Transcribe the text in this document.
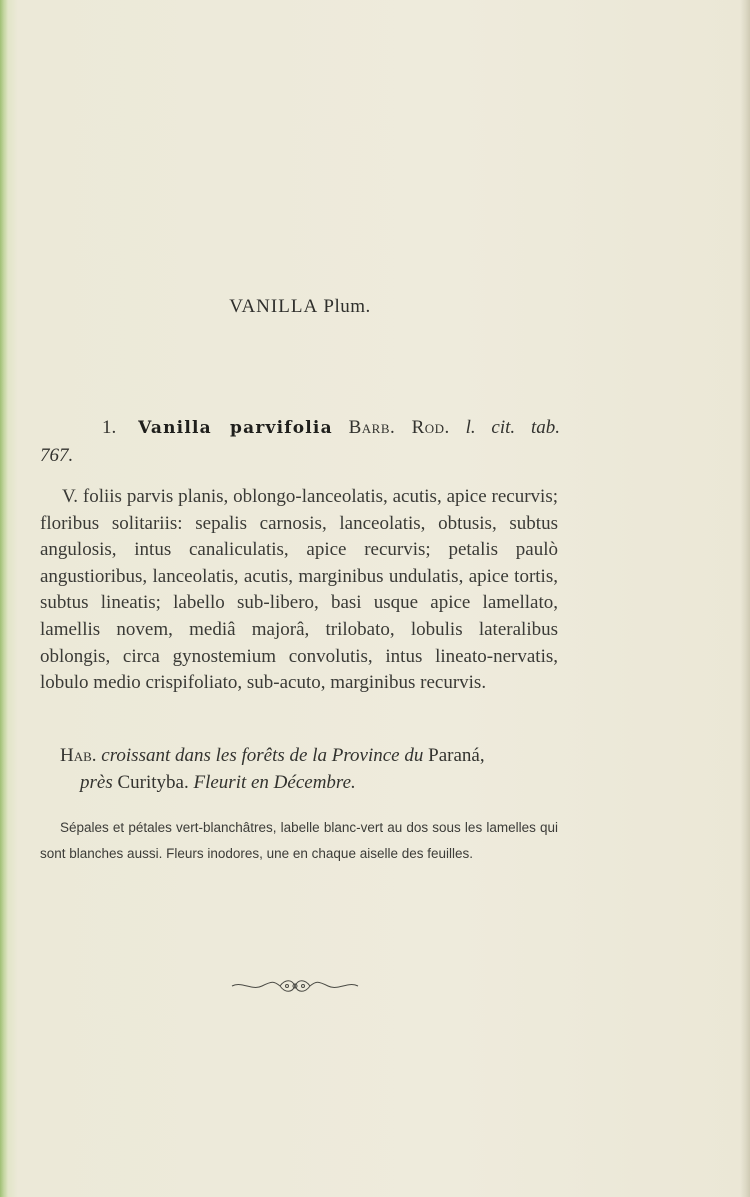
VANILLA Plum.
1. Vanilla parvifolia Barb. Rod. l. cit. tab.
767.

V. foliis parvis planis, oblongo-lanceolatis, acutis, apice recurvis; floribus solitariis: sepalis carnosis, lanceolatis, obtusis, subtus angulosis, intus canaliculatis, apice recurvis; petalis paulò angustioribus, lanceolatis, acutis, marginibus undulatis, apice tortis, subtus lineatis; labello sub-libero, basi usque apice lamellato, lamellis novem, mediâ majorâ, trilobato, lobulis lateralibus oblongis, circa gynostemium convolutis, intus lineato-nervatis, lobulo medio crispifoliato, sub-acuto, marginibus recurvis.

Hab. croissant dans les forêts de la Province du Paraná,
près Curityba. Fleurit en Décembre.

Sépales et pétales vert-blanchâtres, labelle blanc-vert au dos sous les lamelles qui sont blanches aussi. Fleurs inodores, une en chaque aiselle des feuilles.
